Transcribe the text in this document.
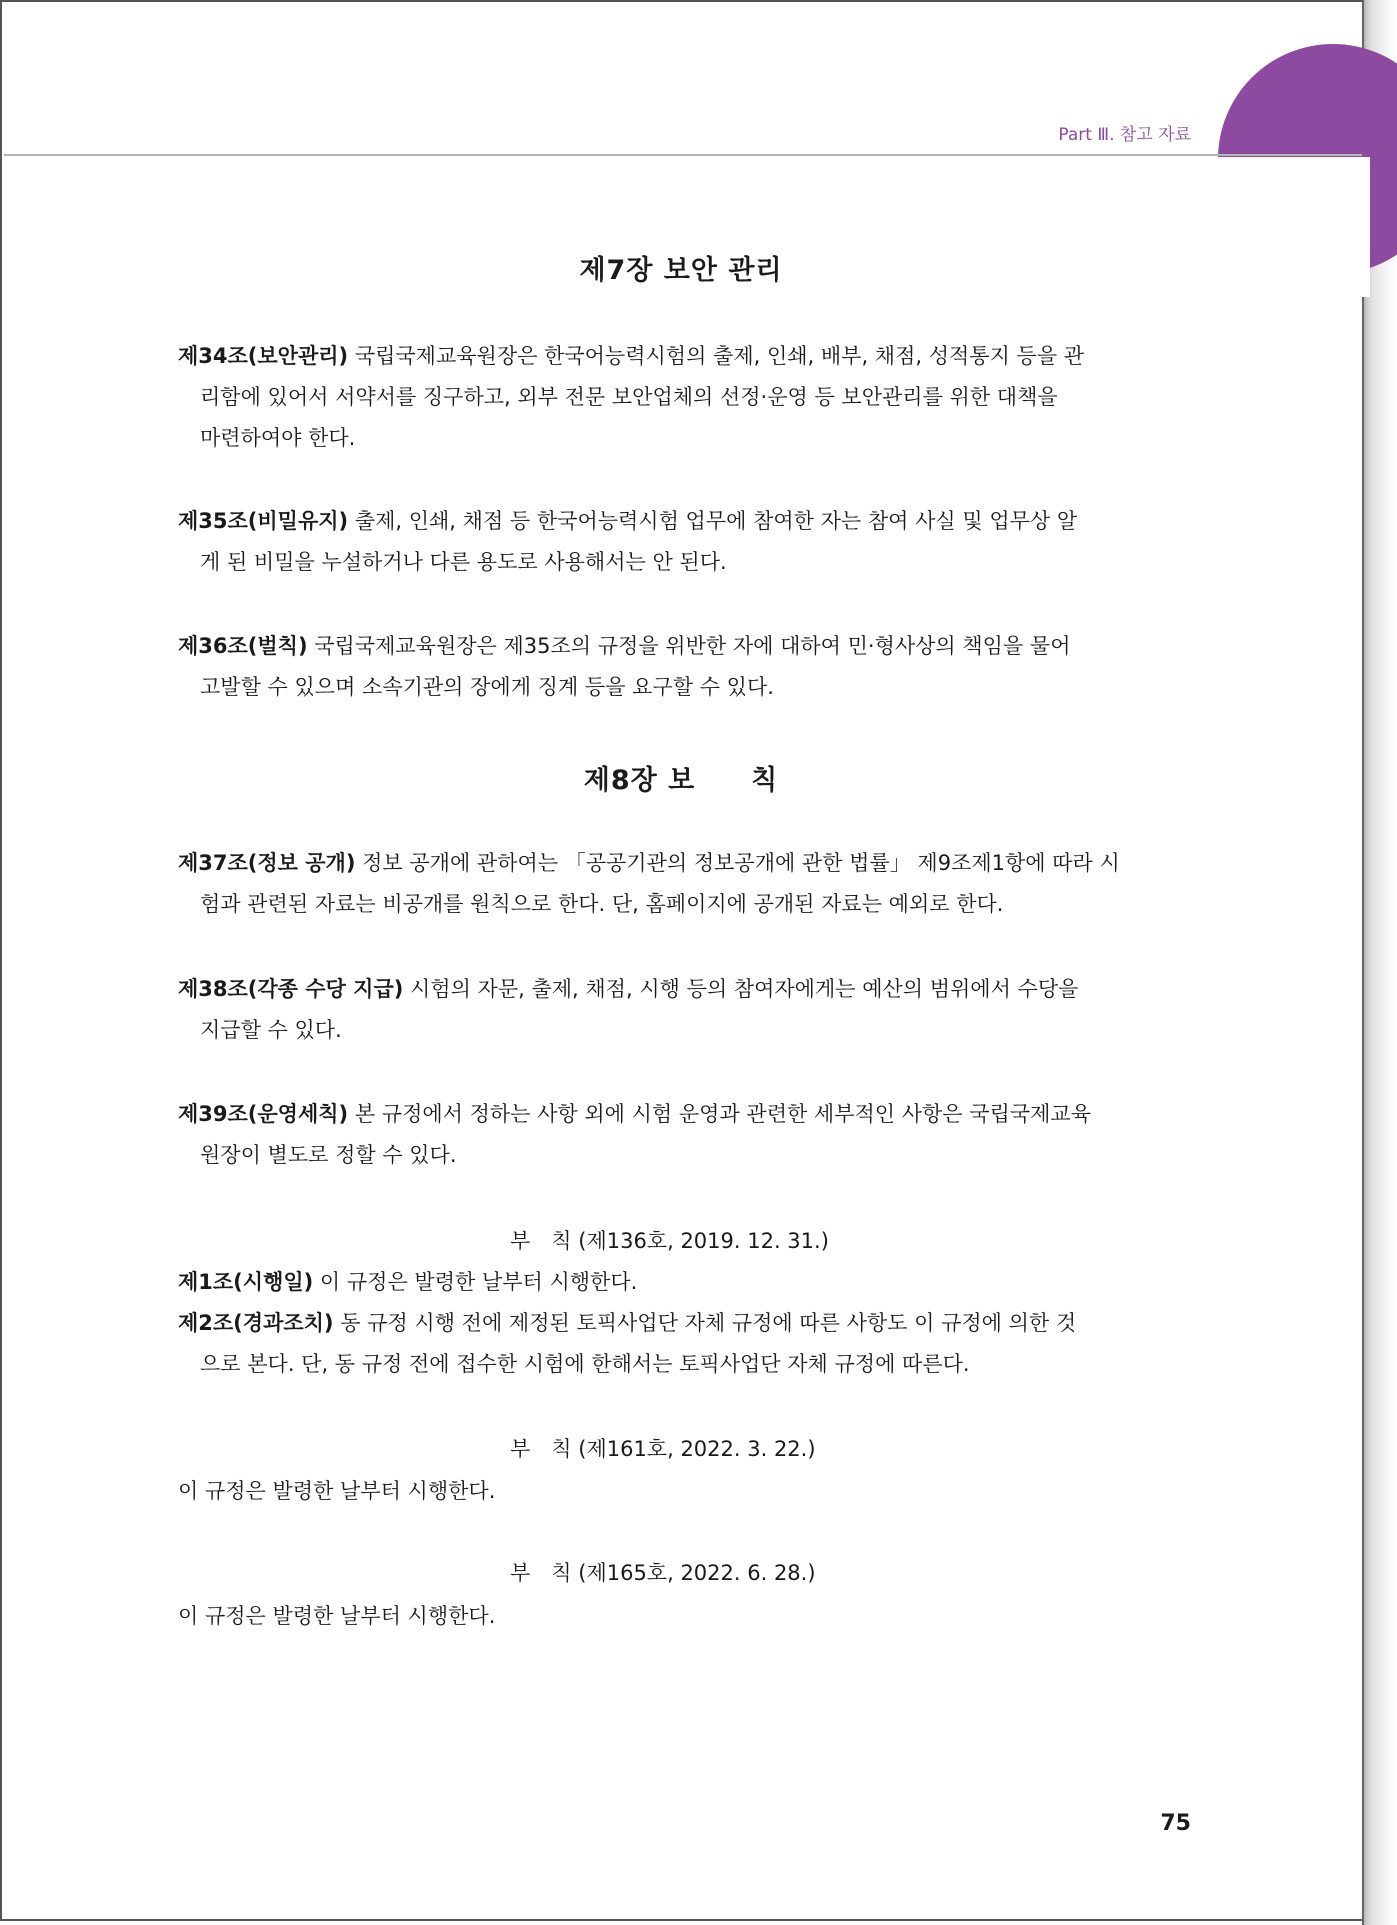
Part Ⅲ. 참고 자료
제7장 보안 관리
제34조(보안관리) 국립국제교육원장은 한국어능력시험의 출제, 인쇄, 배부, 채점, 성적통지 등을 관
리함에 있어서 서약서를 징구하고, 외부 전문 보안업체의 선정·운영 등 보안관리를 위한 대책을
마련하여야 한다.
제35조(비밀유지) 출제, 인쇄, 채점 등 한국어능력시험 업무에 참여한 자는 참여 사실 및 업무상 알
게 된 비밀을 누설하거나 다른 용도로 사용해서는 안 된다.
제36조(벌칙) 국립국제교육원장은 제35조의 규정을 위반한 자에 대하여 민·형사상의 책임을 물어
고발할 수 있으며 소속기관의 장에게 징계 등을 요구할 수 있다.
제8장 보　　칙
제37조(정보 공개) 정보 공개에 관하여는 「공공기관의 정보공개에 관한 법률」 제9조제1항에 따라 시
험과 관련된 자료는 비공개를 원칙으로 한다. 단, 홈페이지에 공개된 자료는 예외로 한다.
제38조(각종 수당 지급) 시험의 자문, 출제, 채점, 시행 등의 참여자에게는 예산의 범위에서 수당을
지급할 수 있다.
제39조(운영세칙) 본 규정에서 정하는 사항 외에 시험 운영과 관련한 세부적인 사항은 국립국제교육
원장이 별도로 정할 수 있다.
부　칙 (제136호, 2019. 12. 31.)
제1조(시행일) 이 규정은 발령한 날부터 시행한다.
제2조(경과조치) 동 규정 시행 전에 제정된 토픽사업단 자체 규정에 따른 사항도 이 규정에 의한 것
으로 본다. 단, 동 규정 전에 접수한 시험에 한해서는 토픽사업단 자체 규정에 따른다.
부　칙 (제161호, 2022. 3. 22.)
이 규정은 발령한 날부터 시행한다.
부　칙 (제165호, 2022. 6. 28.)
이 규정은 발령한 날부터 시행한다.
75
